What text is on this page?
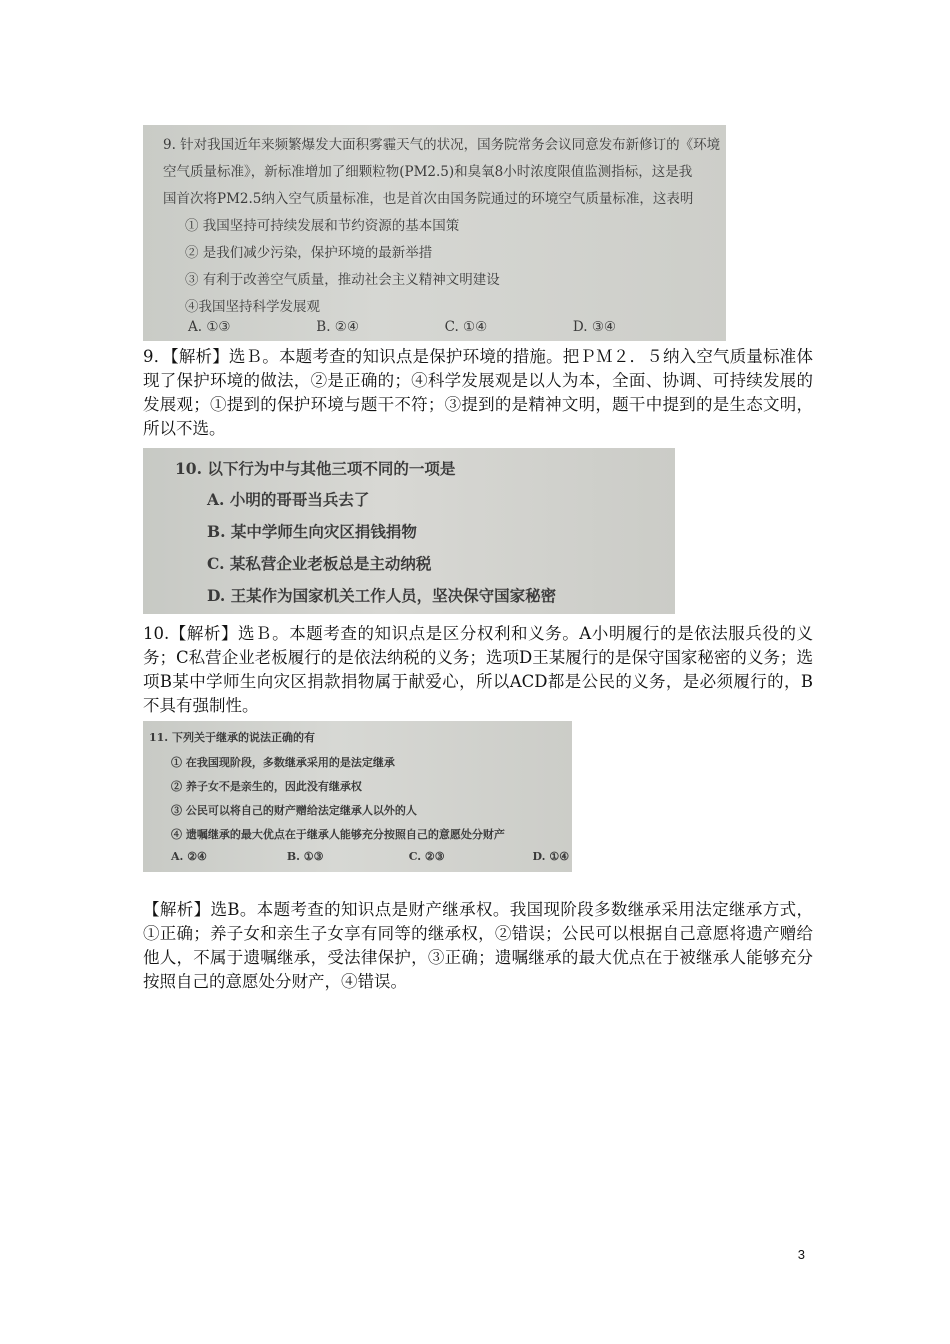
9. 针对我国近年来频繁爆发大面积雾霾天气的状况，国务院常务会议同意发布新修订的《环境
空气质量标准》，新标准增加了细颗粒物(PM2.5)和臭氧8小时浓度限值监测指标，这是我
国首次将PM2.5纳入空气质量标准，也是首次由国务院通过的环境空气质量标准，这表明
① 我国坚持可持续发展和节约资源的基本国策
② 是我们减少污染，保护环境的最新举措
③ 有利于改善空气质量，推动社会主义精神文明建设
④我国坚持科学发展观
A. ①③	B. ②④	C. ①④	D. ③④
9．【解析】选Ｂ。本题考查的知识点是保护环境的措施。把ＰＭ２．５纳入空气质量标准体现了保护环境的做法，②是正确的；④科学发展观是以人为本，全面、协调、可持续发展的发展观；①提到的保护环境与题干不符；③提到的是精神文明，题干中提到的是生态文明，所以不选。
10. 以下行为中与其他三项不同的一项是
A. 小明的哥哥当兵去了
B. 某中学师生向灾区捐钱捐物
C. 某私营企业老板总是主动纳税
D. 王某作为国家机关工作人员，坚决保守国家秘密
10.【解析】选Ｂ。本题考查的知识点是区分权利和义务。A小明履行的是依法服兵役的义务；C私营企业老板履行的是依法纳税的义务；选项D王某履行的是保守国家秘密的义务；选项B某中学师生向灾区捐款捐物属于献爱心，所以ACD都是公民的义务，是必须履行的，B不具有强制性。
11. 下列关于继承的说法正确的有
① 在我国现阶段，多数继承采用的是法定继承
② 养子女不是亲生的，因此没有继承权
③ 公民可以将自己的财产赠给法定继承人以外的人
④ 遗嘱继承的最大优点在于继承人能够充分按照自己的意愿处分财产
A. ②④	B. ①③	C. ②③	D. ①④
【解析】选B。本题考查的知识点是财产继承权。我国现阶段多数继承采用法定继承方式，①正确；养子女和亲生子女享有同等的继承权，②错误；公民可以根据自己意愿将遗产赠给他人，不属于遗嘱继承，受法律保护，③正确；遗嘱继承的最大优点在于被继承人能够充分按照自己的意愿处分财产，④错误。
3
